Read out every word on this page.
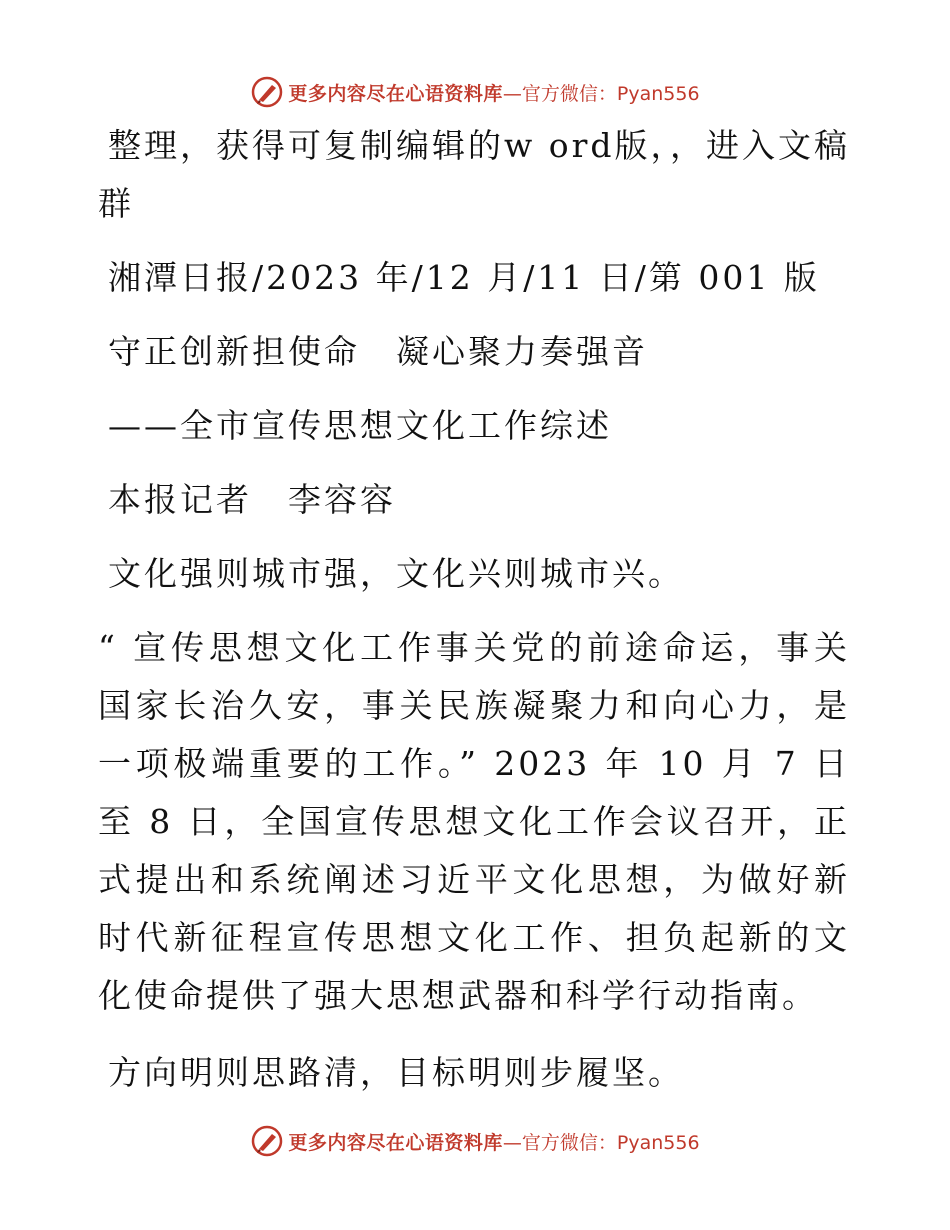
更多内容尽在心语资料库 —官方微信：Pyan556

整理，获得可复制编辑的w ord版，，进入文稿群

湘潭日报/2023 年/12 月/11 日/第 001 版

守正创新担使命　凝心聚力奏强音

——全市宣传思想文化工作综述

本报记者　李容容

文化强则城市强，文化兴则城市兴。

“ 宣传思想文化工作事关党的前途命运，事关国家长治久安，事关民族凝聚力和向心力，是一项极端重要的工作。” 2023 年 10 月 7 日至 8 日，全国宣传思想文化工作会议召开，正式提出和系统阐述习近平文化思想，为做好新时代新征程宣传思想文化工作、担负起新的文化使命提供了强大思想武器和科学行动指南。

方向明则思路清，目标明则步履坚。

更多内容尽在心语资料库 —官方微信：Pyan556
